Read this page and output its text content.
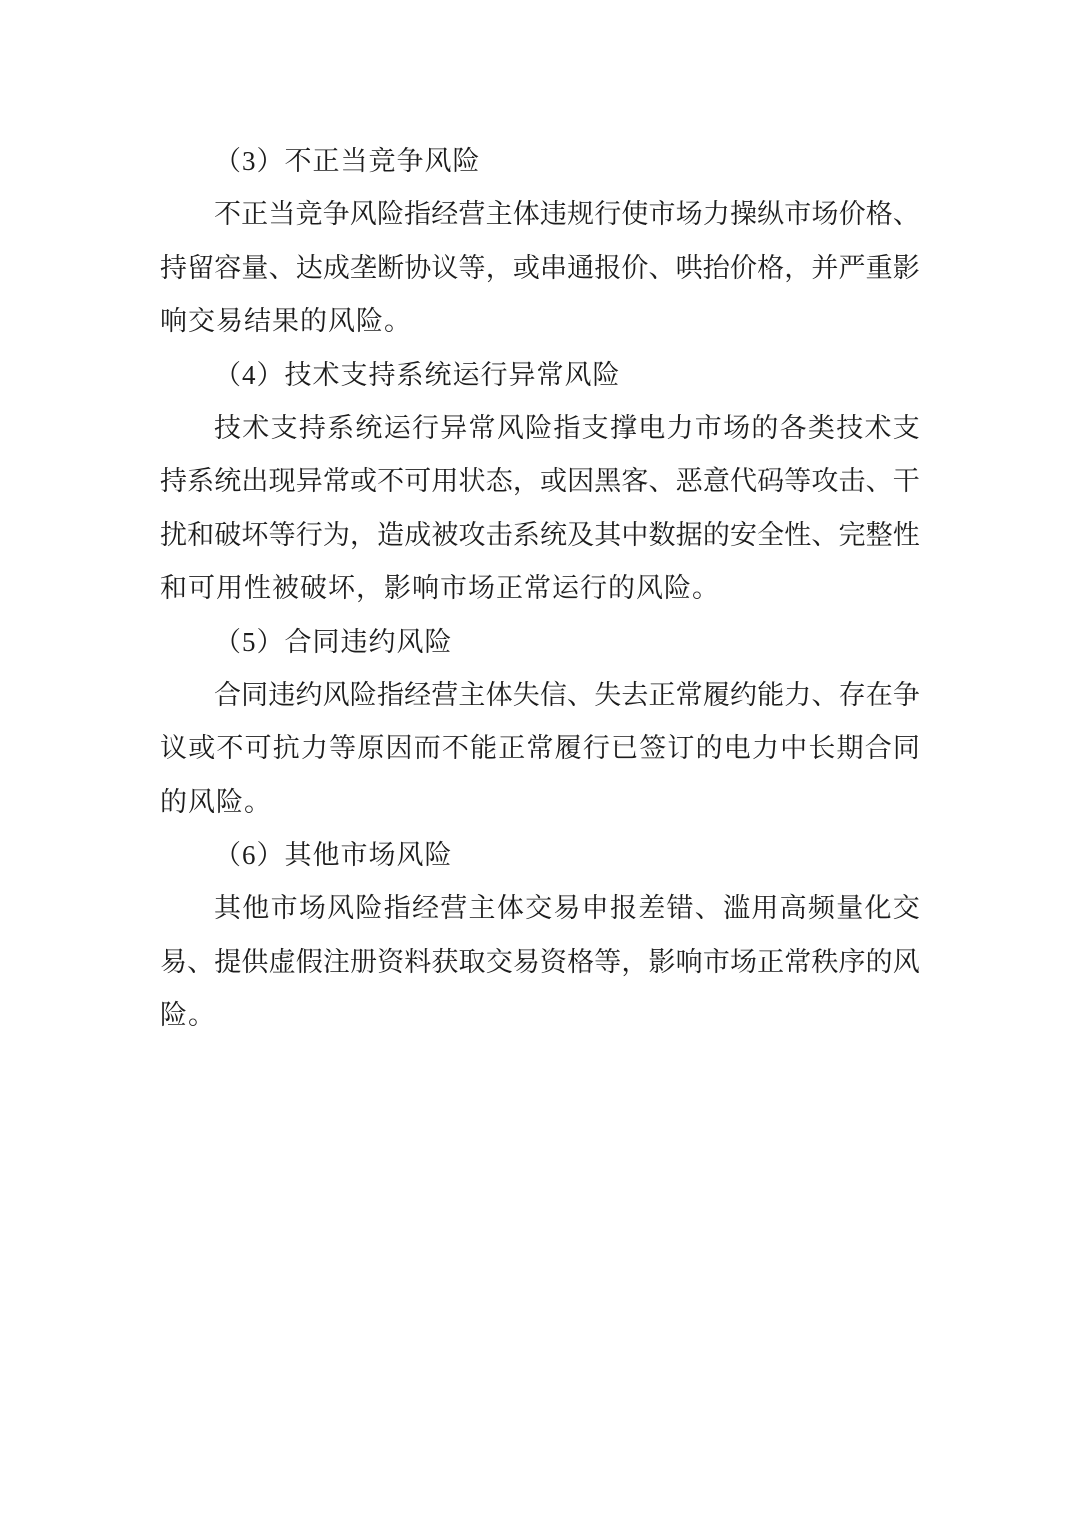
（3）不正当竞争风险
不 正 当 竞 争 风 险 指 经 营 主 体 违 规 行 使 市 场 力 操 纵 市 场 价 格 、
持 留 容 量 、 达 成 垄 断 协 议 等 ， 或 串 通 报 价 、 哄 抬 价 格 ， 并 严 重 影
响交易结果的风险。
（4）技术支持系统运行异常风险
技 术 支 持 系 统 运 行 异 常 风 险 指 支 撑 电 力 市 场 的 各 类 技 术 支
持 系 统 出 现 异 常 或 不 可 用 状 态 ， 或 因 黑 客 、 恶 意 代 码 等 攻 击 、 干
扰 和 破 坏 等 行 为 ， 造 成 被 攻 击 系 统 及 其 中 数 据 的 安 全 性 、 完 整 性
和可用性被破坏，影响市场正常运行的风险。
（5）合同违约风险
合 同 违 约 风 险 指 经 营 主 体 失 信 、 失 去 正 常 履 约 能 力 、 存 在 争
议 或 不 可 抗 力 等 原 因 而 不 能 正 常 履 行 已 签 订 的 电 力 中 长 期 合 同
的风险。
（6）其他市场风险
其 他 市 场 风 险 指 经 营 主 体 交 易 申 报 差 错 、 滥 用 高 频 量 化 交
易 、 提 供 虚 假 注 册 资 料 获 取 交 易 资 格 等 ， 影 响 市 场 正 常 秩 序 的 风
险。
